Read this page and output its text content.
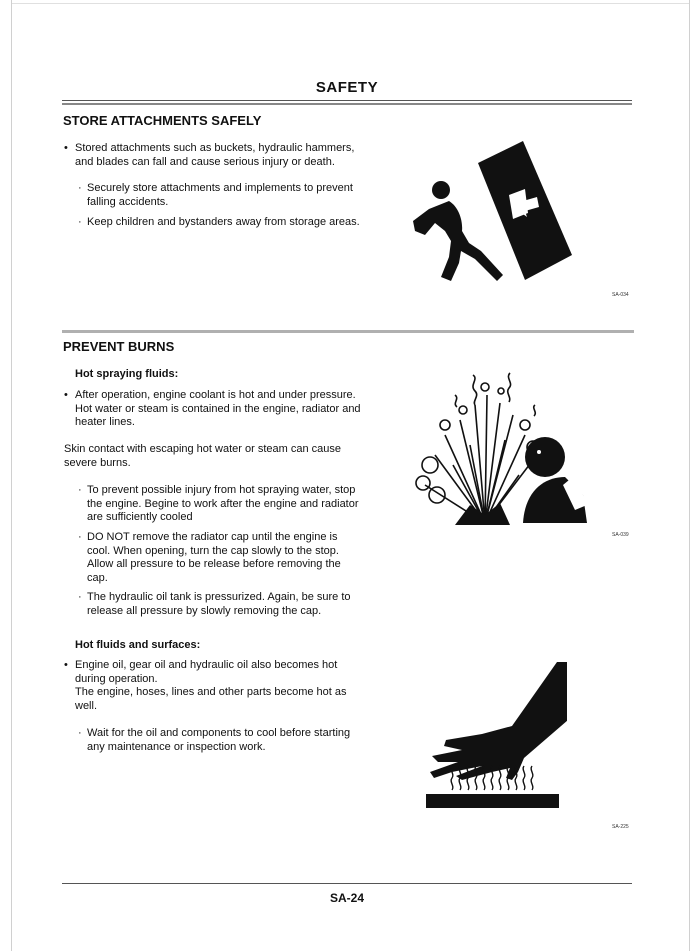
SAFETY
STORE ATTACHMENTS SAFELY
• Stored attachments such as buckets, hydraulic hammers, and blades can fall and cause serious injury or death.
· Securely store attachments and implements to prevent falling accidents.
· Keep children and bystanders away from storage areas.
SA-034
PREVENT BURNS
Hot spraying fluids:
• After operation, engine coolant is hot and under pressure. Hot water or steam is contained in the engine, radiator and heater lines.
Skin contact with escaping hot water or steam can cause severe burns.
· To prevent possible injury from hot spraying water, stop the engine. Begine to work after the engine and radiator are sufficiently cooled
· DO NOT remove the radiator cap until the engine is cool. When opening, turn the cap slowly to the stop. Allow all pressure to be release before removing the cap.
· The hydraulic oil tank is pressurized. Again, be sure to release all pressure by slowly removing the cap.
SA-039
Hot fluids and surfaces:
• Engine oil, gear oil and hydraulic oil also becomes hot during operation.
The engine, hoses, lines and other parts become hot as well.
· Wait for the oil and components to cool before starting any maintenance or inspection work.
SA-225
SA-24
